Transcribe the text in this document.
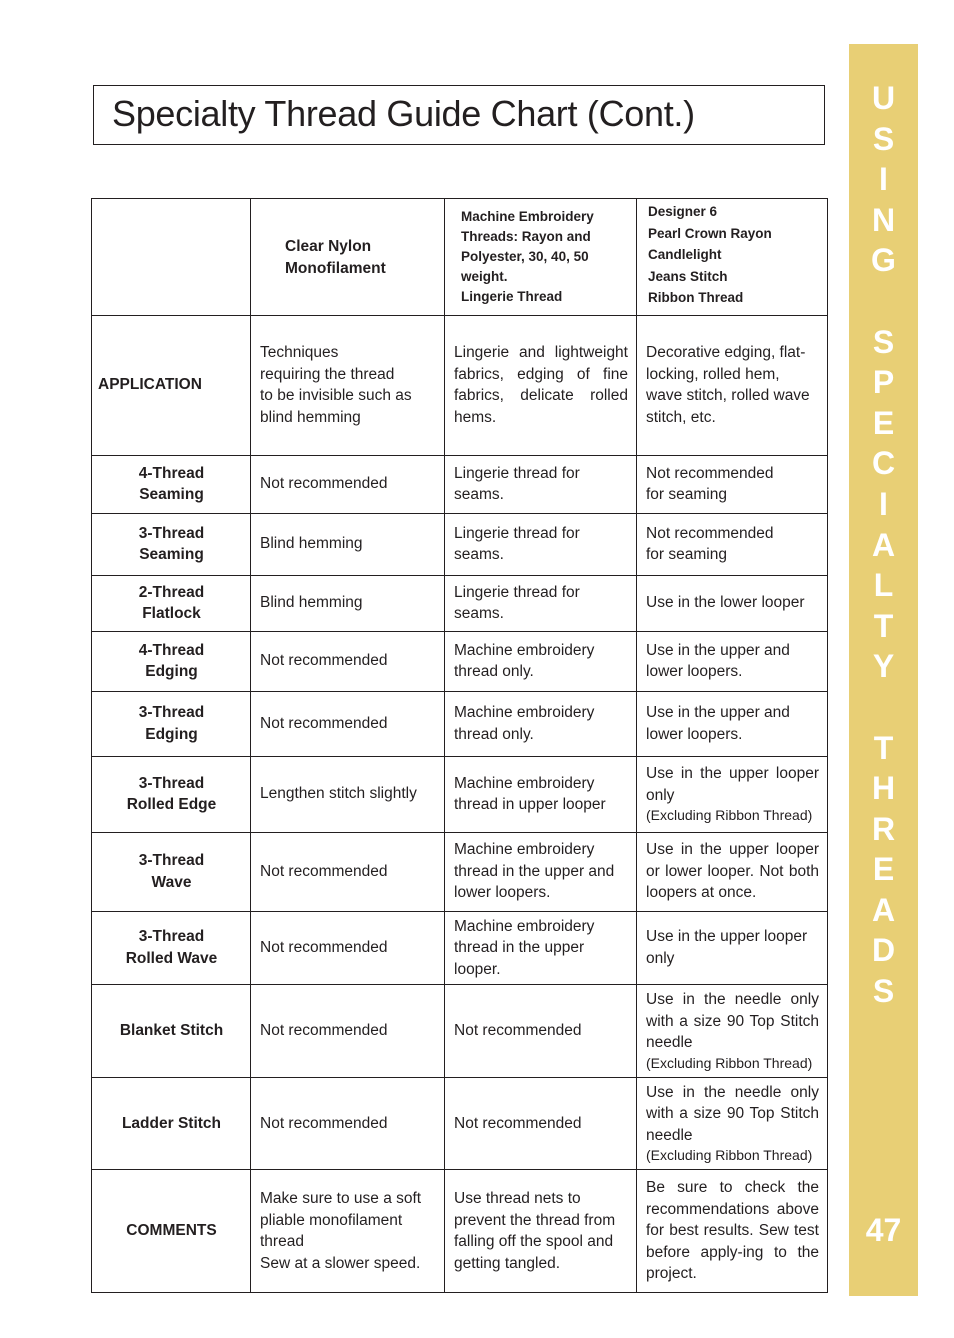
Specialty Thread Guide Chart (Cont.)	U
S
I
N
G

S
P
E
C
I
A
L
T
Y

T
H
R
E
A
D
S
47

	Clear Nylon
Monofilament	Machine Embroidery
Threads: Rayon and
Polyester, 30, 40, 50
weight.
Lingerie Thread	Designer 6
Pearl Crown Rayon
Candlelight
Jeans Stitch
Ribbon Thread

APPLICATION	Techniques
requiring the thread
to be invisible such as
blind hemming	Lingerie and lightweight fabrics, edging of fine fabrics, delicate rolled hems.	Decorative edging, flat-
locking, rolled hem,
wave stitch, rolled wave
stitch, etc.

4-Thread
Seaming	Not recommended	Lingerie thread for
seams.	Not recommended
for seaming

3-Thread
Seaming	Blind hemming	Lingerie thread for
seams.	Not recommended
for seaming

2-Thread
Flatlock	Blind hemming	Lingerie thread for
seams.	Use in the lower looper

4-Thread
Edging	Not recommended	Machine embroidery
thread only.	Use in the upper and
lower loopers.

3-Thread
Edging	Not recommended	Machine embroidery
thread only.	Use in the upper and
lower loopers.

3-Thread
Rolled Edge	Lengthen stitch slightly	Machine embroidery
thread in upper looper	Use in the upper looper only
(Excluding Ribbon Thread)

3-Thread
Wave	Not recommended	Machine embroidery
thread in the upper and
lower loopers.	Use in the upper looper or lower looper. Not both loopers at once.

3-Thread
Rolled Wave	Not recommended	Machine embroidery
thread in the upper
looper.	Use in the upper looper
only

Blanket Stitch	Not recommended	Not recommended	Use in the needle only with a size 90 Top Stitch needle
(Excluding Ribbon Thread)

Ladder Stitch	Not recommended	Not recommended	Use in the needle only with a size 90 Top Stitch needle
(Excluding Ribbon Thread)

COMMENTS	Make sure to use a soft
pliable monofilament
thread
Sew at a slower speed.	Use thread nets to
prevent the thread from
falling off the spool and
getting tangled.	Be sure to check the recommendations above for best results. Sew test before apply-ing to the project.
